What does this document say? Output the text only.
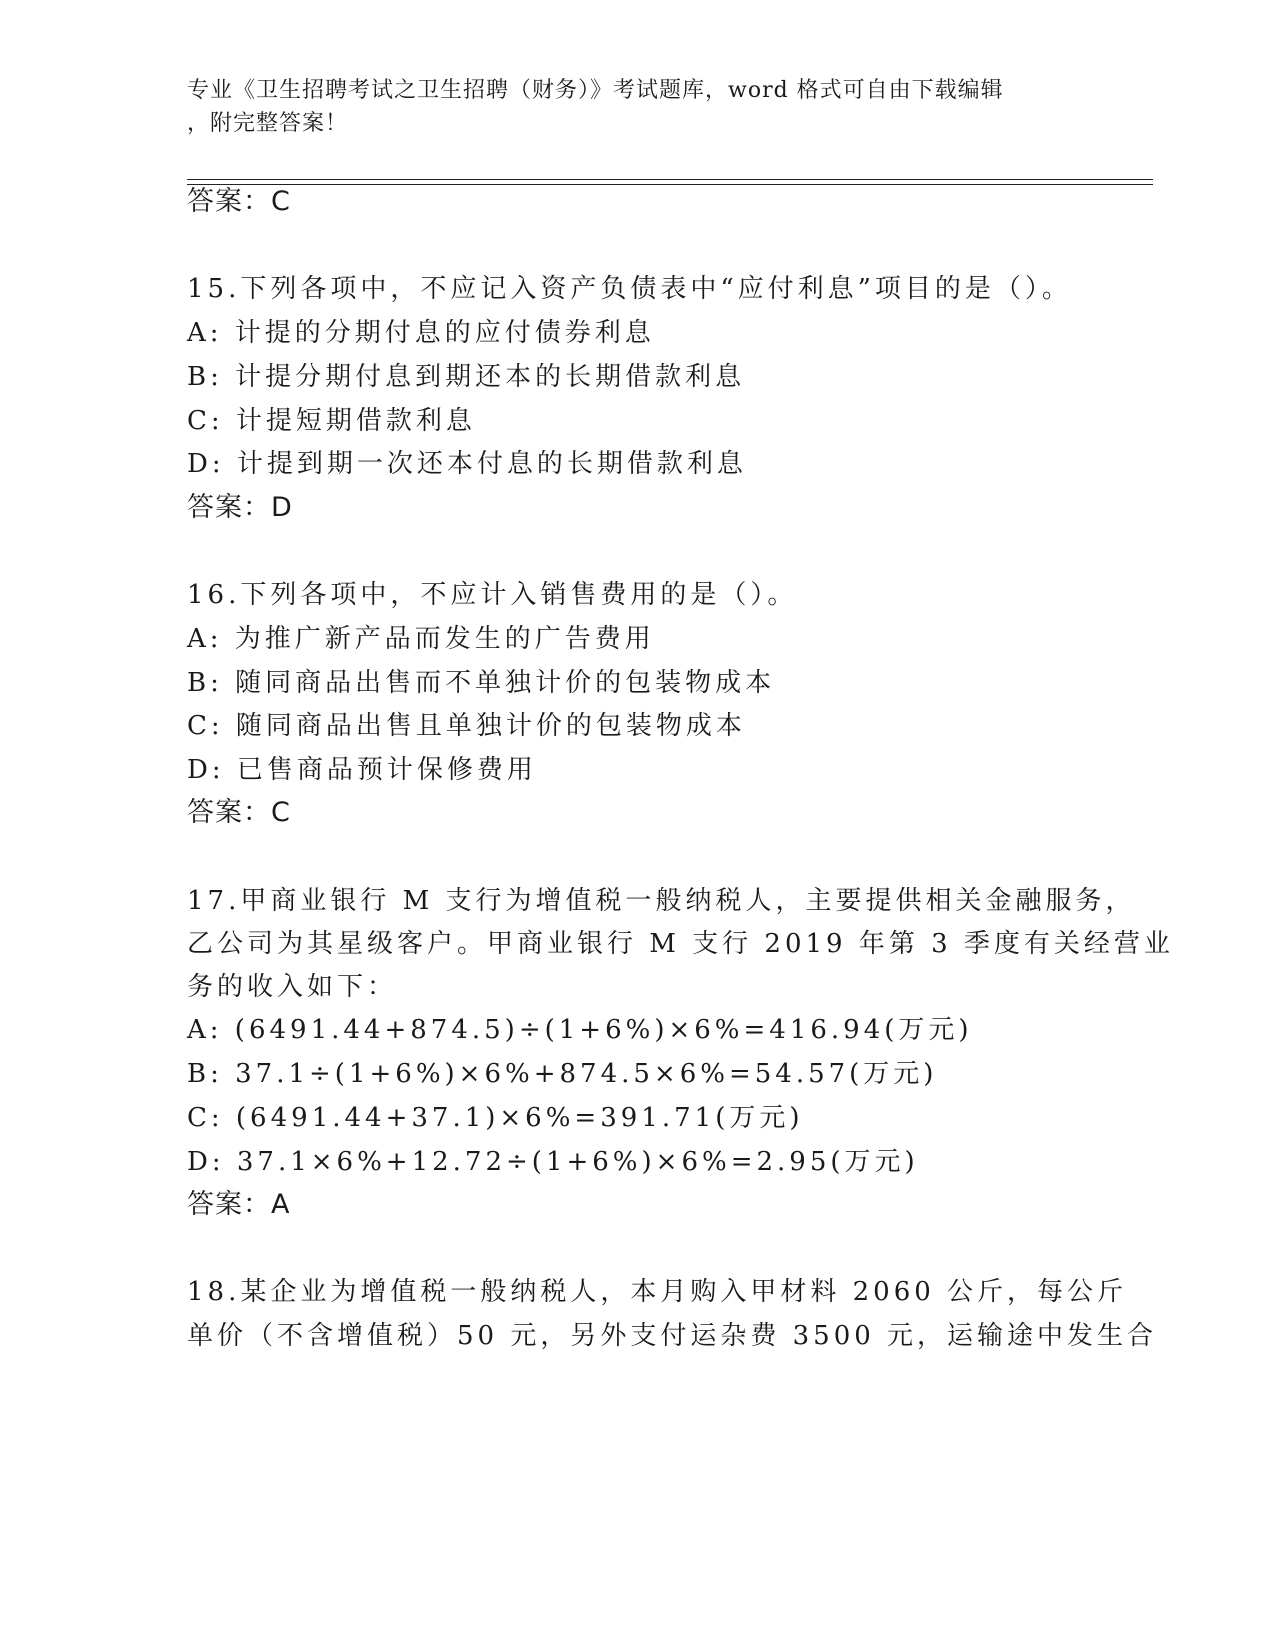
专业《卫生招聘考试之卫生招聘（财务）》考试题库，word 格式可自由下载编辑
，附完整答案！
答案：C
15.下列各项中，不应记入资产负债表中“应付利息”项目的是（）。
A: 计提的分期付息的应付债券利息
B: 计提分期付息到期还本的长期借款利息
C: 计提短期借款利息
D: 计提到期一次还本付息的长期借款利息
答案：D
16.下列各项中，不应计入销售费用的是（）。
A: 为推广新产品而发生的广告费用
B: 随同商品出售而不单独计价的包装物成本
C: 随同商品出售且单独计价的包装物成本
D: 已售商品预计保修费用
答案：C
17.甲商业银行 M 支行为增值税一般纳税人，主要提供相关金融服务，
乙公司为其星级客户。甲商业银行 M 支行 2019 年第 3 季度有关经营业
务的收入如下：
A: (6491.44+874.5)÷(1+6%)×6%=416.94(万元)
B: 37.1÷(1+6%)×6%+874.5×6%=54.57(万元)
C: (6491.44+37.1)×6%=391.71(万元)
D: 37.1×6%+12.72÷(1+6%)×6%=2.95(万元)
答案：A
18.某企业为增值税一般纳税人，本月购入甲材料 2060 公斤，每公斤
单价（不含增值税）50 元，另外支付运杂费 3500 元，运输途中发生合
